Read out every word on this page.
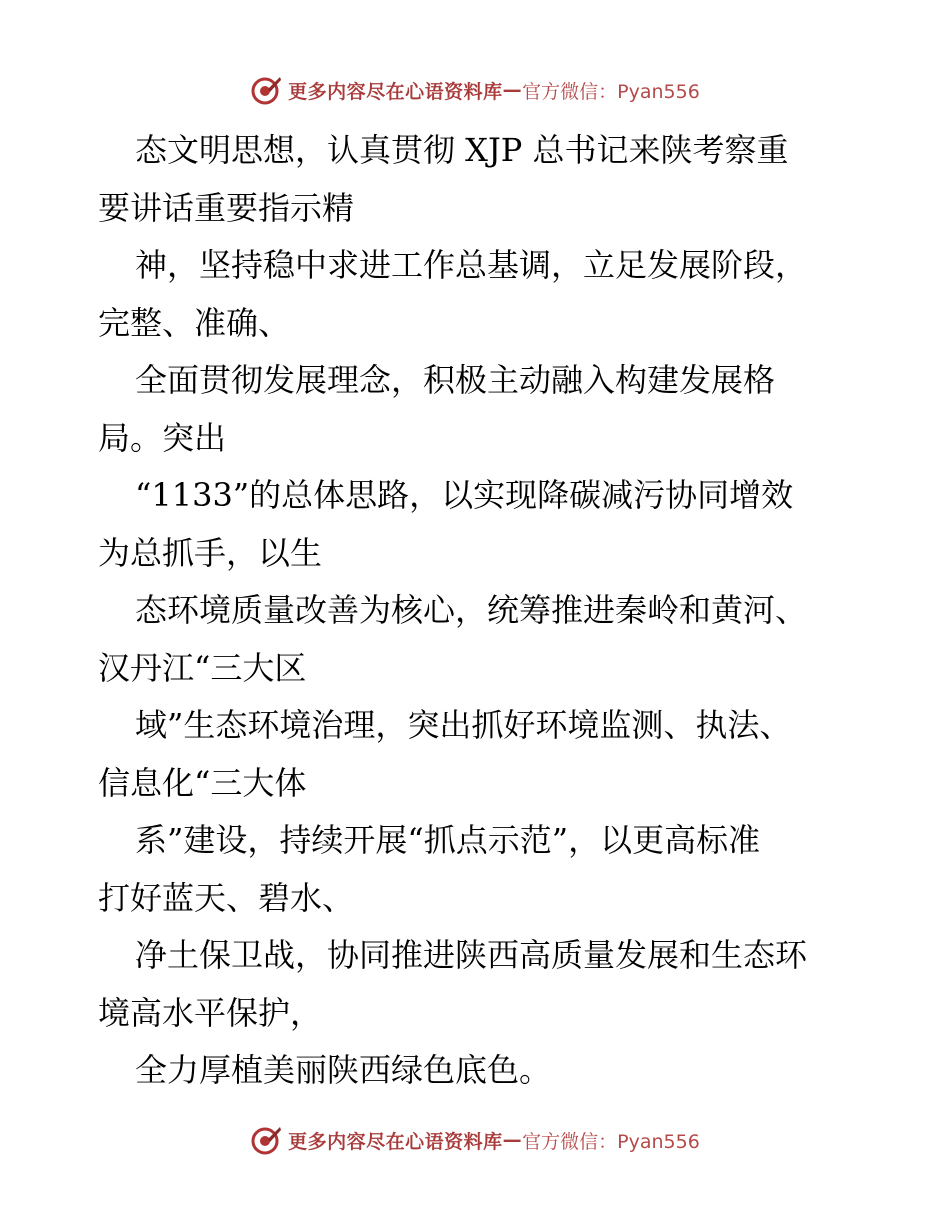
更多内容尽在心语资料库 — 官方微信：Pyan556
态文明思想，认真贯彻 XJP 总书记来陕考察重
要讲话重要指示精
神，坚持稳中求进工作总基调，立足发展阶段，
完整、准确、
全面贯彻发展理念，积极主动融入构建发展格
局。突出
“1133”的总体思路，以实现降碳减污协同增效
为总抓手，以生
态环境质量改善为核心，统筹推进秦岭和黄河、
汉丹江“三大区
域”生态环境治理，突出抓好环境监测、执法、
信息化“三大体
系”建设，持续开展“抓点示范”，以更高标准
打好蓝天、碧水、
净土保卫战，协同推进陕西高质量发展和生态环
境高水平保护，
全力厚植美丽陕西绿色底色。
更多内容尽在心语资料库 — 官方微信：Pyan556
